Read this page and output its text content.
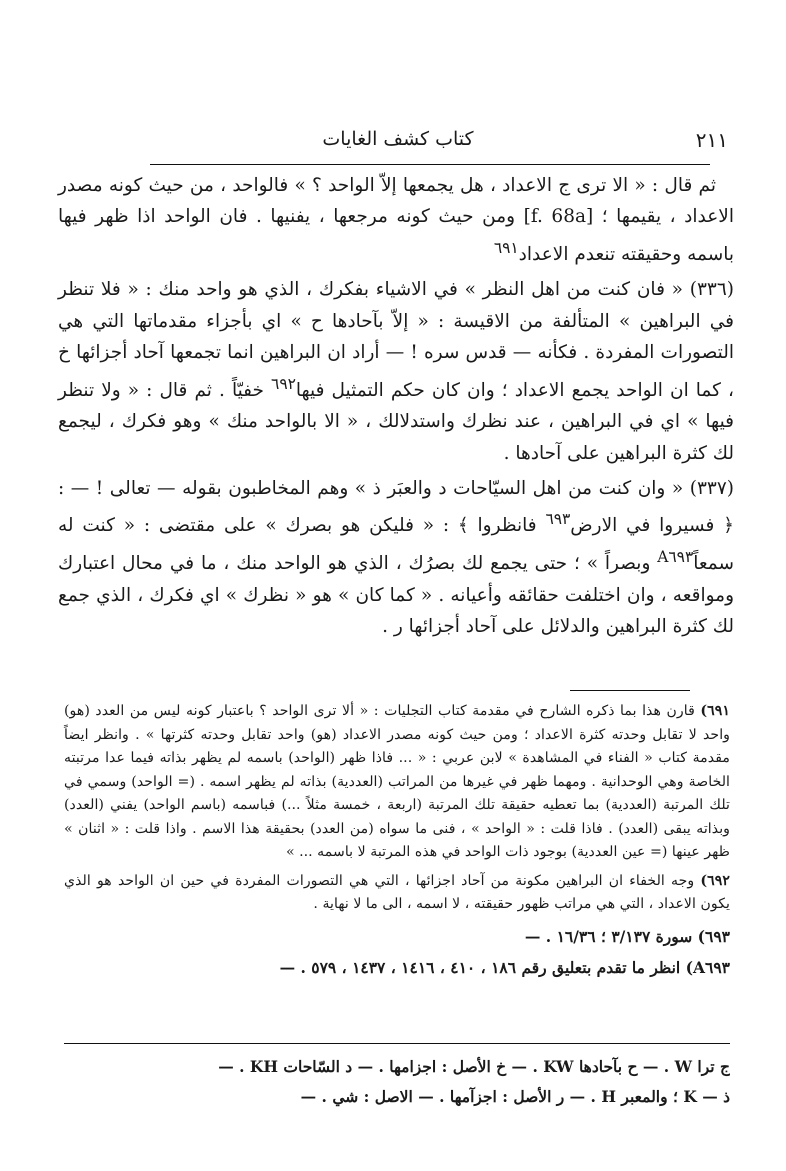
٢١١
كتاب كشف الغايات

ثم قال : « الا ترى ج الاعداد ، هل يجمعها إلاّ الواحد ؟ » فالواحد ، من حيث كونه مصدر الاعداد ، يقيمها ؛ [f. 68a] ومن حيث كونه مرجعها ، يفنيها . فان الواحد اذا ظهر فيها باسمه وحقيقته تنعدم الاعداد$^{٦٩١}$

(٣٣٦) « فان كنت من اهل النظر » في الاشياء بفكرك ، الذي هو واحد منك : « فلا تنظر في البراهين » المتألفة من الاقيسة : « إلاّ بآحادها ح » اي بأجزاء مقدماتها التي هي التصورات المفردة . فكأنه — قدس سره ! — أراد ان البراهين انما تجمعها آحاد أجزائها خ ، كما ان الواحد يجمع الاعداد ؛ وان كان حكم التمثيل فيها$^{٦٩٢}$ خفيّاً . ثم قال : « ولا تنظر فيها » اي في البراهين ، عند نظرك واستدلالك ، « الا بالواحد منك » وهو فكرك ، ليجمع لك كثرة البراهين على آحادها .

(٣٣٧) « وان كنت من اهل السيّاحات د والعبَر ذ » وهم المخاطبون بقوله — تعالى ! — : ﴿ فسيروا في الارض$^{٦٩٣}$ فانظروا ﴾ : « فليكن هو بصرك » على مقتضى : « كنت له سمعاً$^{A٦٩٣}$ وبصراً » ؛ حتى يجمع لك بصرُك ، الذي هو الواحد منك ، ما في محال اعتبارك ومواقعه ، وان اختلفت حقائقه وأعيانه . « كما كان » هو « نظرك » اي فكرك ، الذي جمع لك كثرة البراهين والدلائل على آحاد أجزائها ر .

٦٩١) قارن هذا بما ذكره الشارح في مقدمة كتاب التجليات : « ألا ترى الواحد ؟ باعتبار كونه ليس من العدد (هو) واحد لا تقابل وحدته كثرة الاعداد ؛ ومن حيث كونه مصدر الاعداد (هو) واحد تقابل وحدته كثرتها » . وانظر ايضاً مقدمة كتاب « الفناء في المشاهدة » لابن عربي : « ... فاذا ظهر (الواحد) باسمه لم يظهر بذاته فيما عدا مرتبته الخاصة وهي الوحدانية . ومهما ظهر في غيرها من المراتب (العددية) بذاته لم يظهر اسمه . (= الواحد) وسمي في تلك المرتبة (العددية) بما تعطيه حقيقة تلك المرتبة (اربعة ، خمسة مثلاً ...) فباسمه (باسم الواحد) يفني (العدد) وبذاته يبقى (العدد) . فاذا قلت : « الواحد » ، فنى ما سواه (من العدد) بحقيقة هذا الاسم . واذا قلت : « اثنان » ظهر عينها (= عين العددية) بوجود ذات الواحد في هذه المرتبة لا باسمه ... »

٦٩٢) وجه الخفاء ان البراهين مكونة من آحاد اجزائها ، التي هي التصورات المفردة في حين ان الواحد هو الذي يكون الاعداد ، التي هي مراتب ظهور حقيقته ، لا اسمه ، الى ما لا نهاية .

٦٩٣) سورة ٣/١٣٧ ؛ ١٦/٣٦ . —

A٦٩٣) انظر ما تقدم بتعليق رقم ١٨٦ ، ٤١٠ ، ١٤١٦ ، ١٤٣٧ ، ٥٧٩ . —

ج ترا W . — ح بآحادها KW . — خ الأصل : اجزامها . — د السّاحات KH . —
ذ — K ؛ والمعبر H . — ر الأصل : اجزآمها . — الاصل : شي . —
